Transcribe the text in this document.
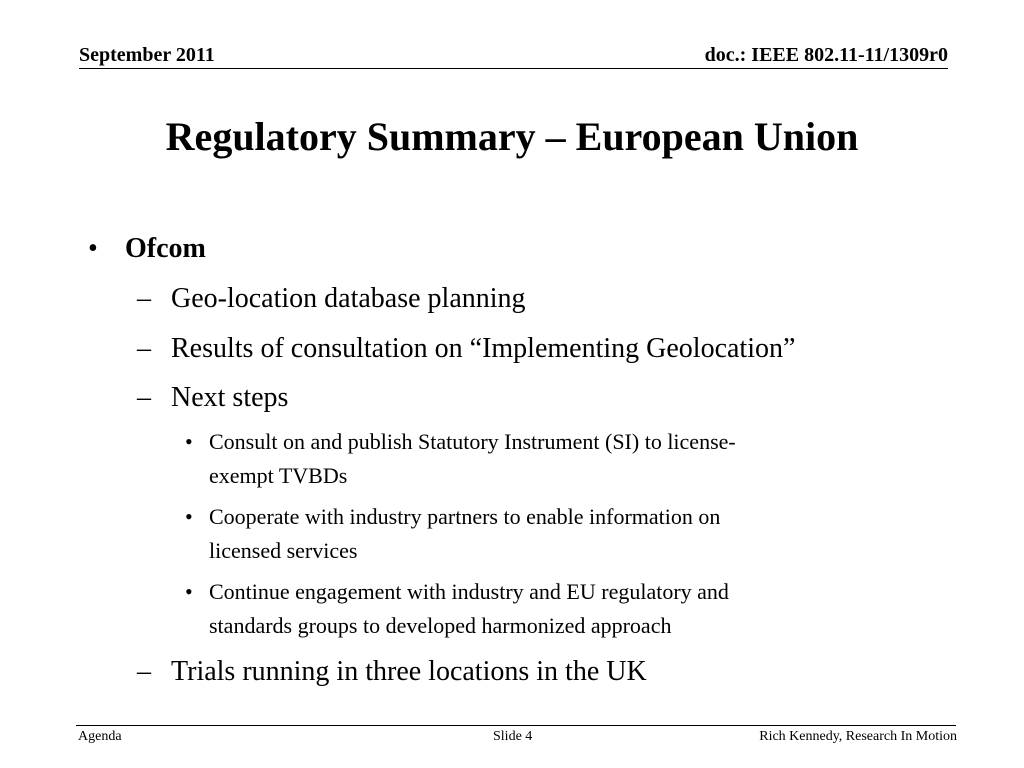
September 2011	doc.: IEEE 802.11-11/1309r0
Regulatory Summary – European Union
• Ofcom
– Geo-location database planning
– Results of consultation on “Implementing Geolocation”
– Next steps
• Consult on and publish Statutory Instrument (SI) to license-
exempt TVBDs
• Cooperate with industry partners to enable information on
licensed services
• Continue engagement with industry and EU regulatory and
standards groups to developed harmonized approach
– Trials running in three locations in the UK
Agenda	Slide 4	Rich Kennedy, Research In Motion
